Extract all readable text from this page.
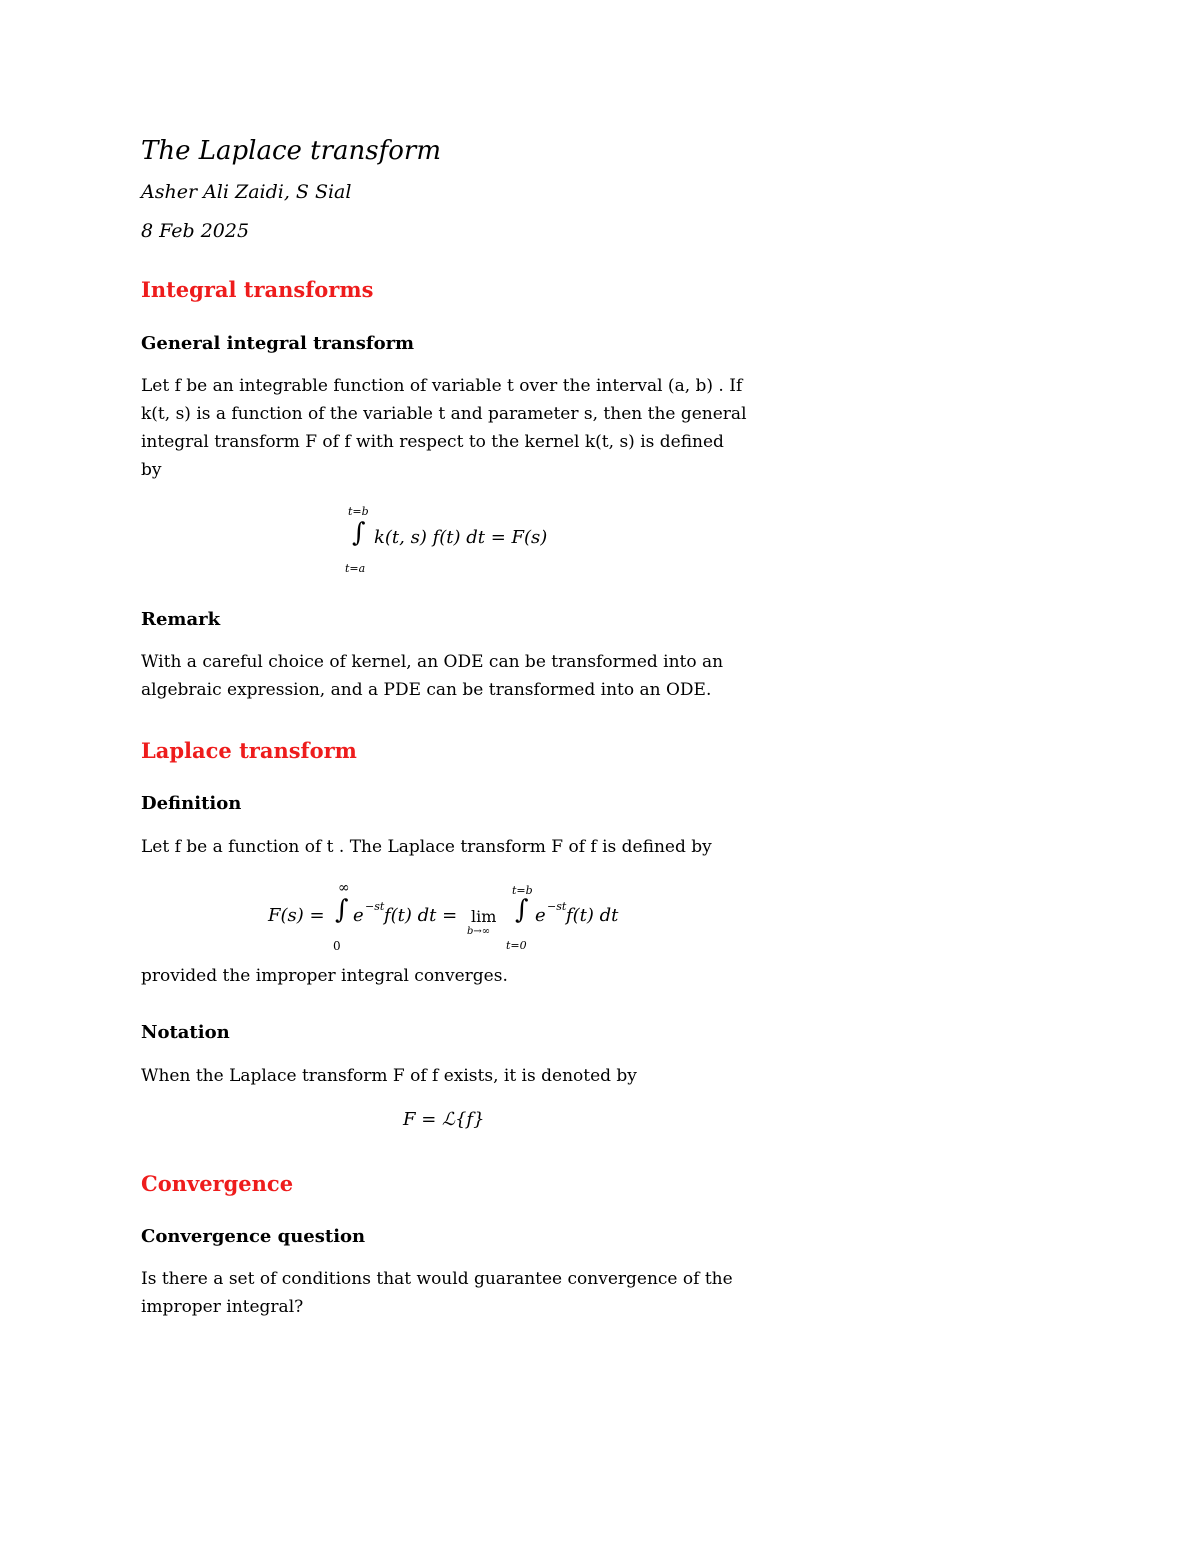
The Laplace transform
Asher Ali Zaidi, S Sial
8 Feb 2025
Integral transforms
General integral transform
Let f be an integrable function of variable t over the interval (a, b) . If
k(t, s) is a function of the variable t and parameter s, then the general
integral transform F of f with respect to the kernel k(t, s) is defined
by
t=b
∫ k(t, s) f(t) dt = F(s)
t=a
Remark
With a careful choice of kernel, an ODE can be transformed into an
algebraic expression, and a PDE can be transformed into an ODE.
Laplace transform
Definition
Let f be a function of t . The Laplace transform F of f is defined by
F(s) =
∞
∫
0
e −st f(t) dt = lim
b→∞
t=b
∫
t=0
e −st f(t) dt
provided the improper integral converges.
Notation
When the Laplace transform F of f exists, it is denoted by
F = ℒ{f}
Convergence
Convergence question
Is there a set of conditions that would guarantee convergence of the
improper integral?
